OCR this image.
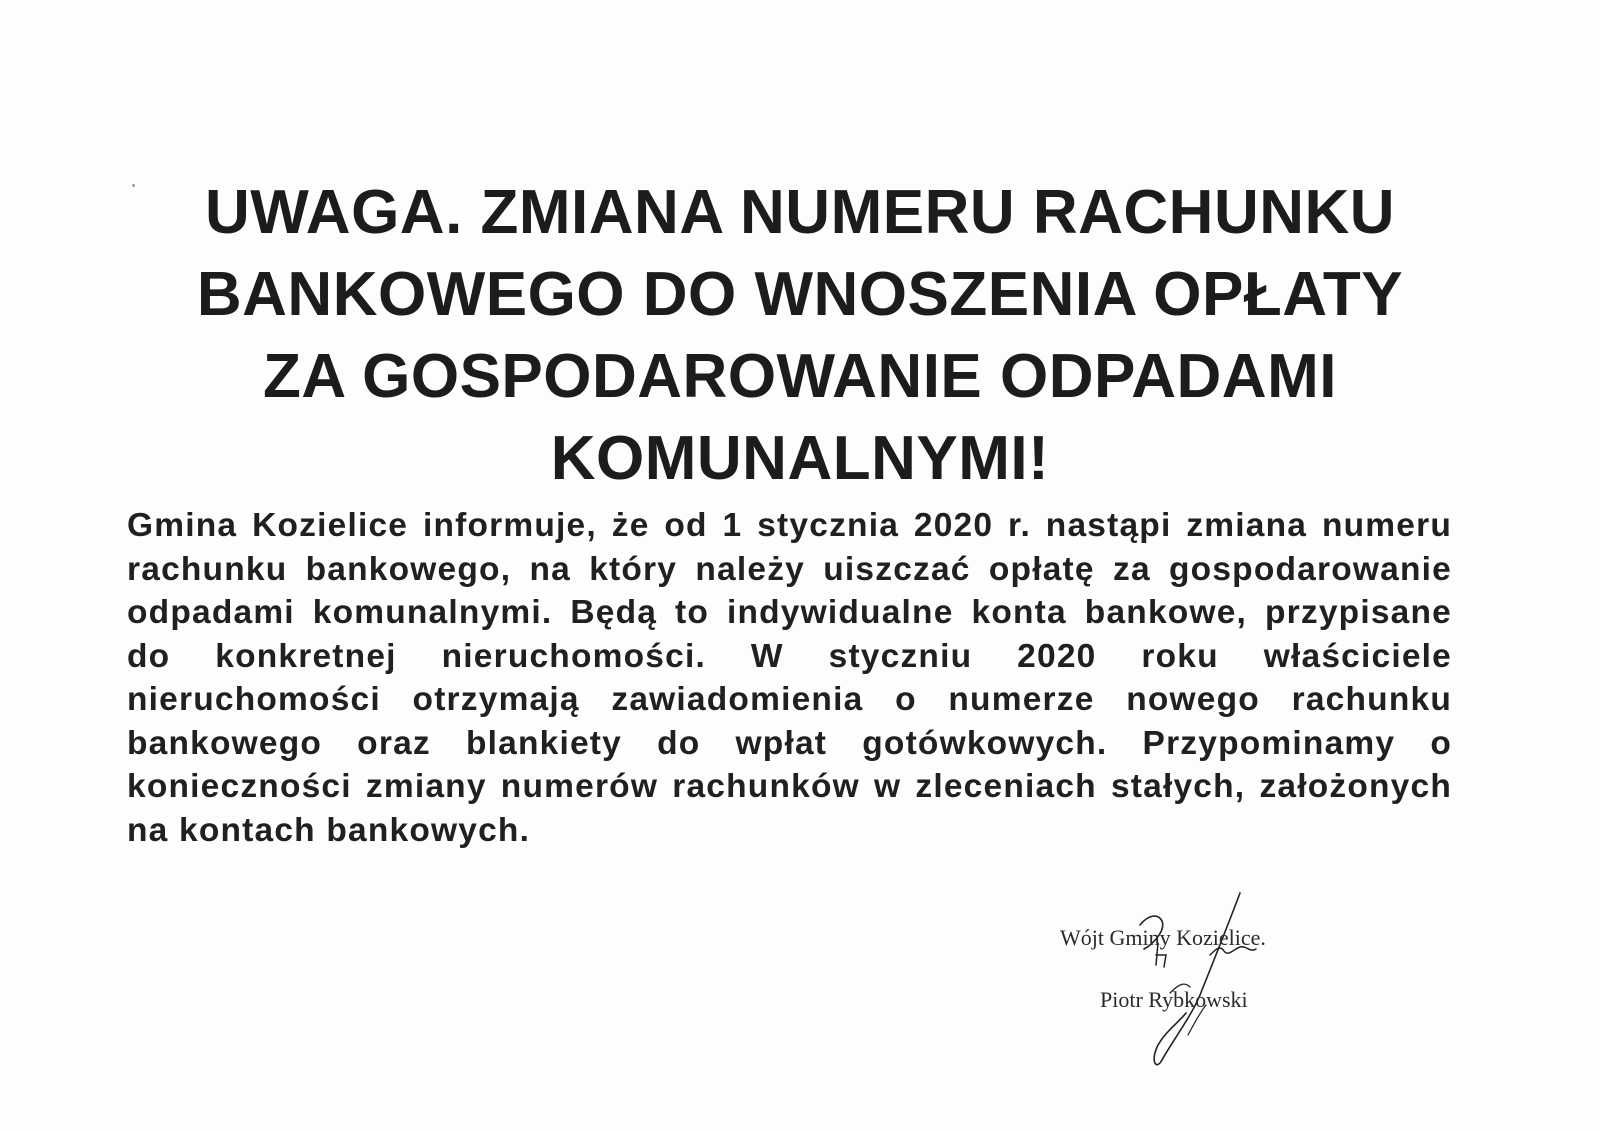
UWAGA. ZMIANA NUMERU RACHUNKU
BANKOWEGO DO WNOSZENIA OPŁATY
ZA GOSPODAROWANIE ODPADAMI
KOMUNALNYMI!

Gmina Kozielice informuje, że od 1 stycznia 2020 r. nastąpi zmiana numeru rachunku bankowego, na który należy uiszczać opłatę za gospodarowanie odpadami komunalnymi. Będą to indywidualne konta bankowe, przypisane do konkretnej nieruchomości. W styczniu 2020 roku właściciele nieruchomości otrzymają zawiadomienia o numerze nowego rachunku bankowego oraz blankiety do wpłat gotówkowych. Przypominamy o konieczności zmiany numerów rachunków w zleceniach stałych, założonych na kontach bankowych.

Wójt Gminy Kozielice.
Piotr Rybkowski
